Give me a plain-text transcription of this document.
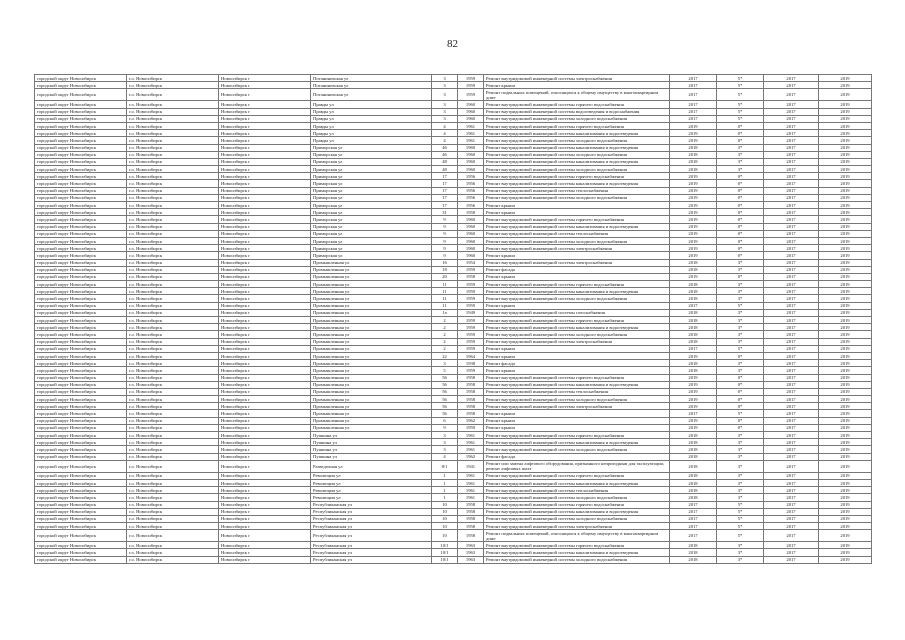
82
городской округ Новосибирск	г.о. Новосибирск	Новосибирск г	Потаниновская ул	3	1959	Ремонт внутридомовой инженерной системы электроснабжения	2017	5*	2017	2019
городской округ Новосибирск	г.о. Новосибирск	Новосибирск г	Потаниновская ул	3	1959	Ремонт крыши	2017	5*	2017	2019
городской округ Новосибирск	г.о. Новосибирск	Новосибирск г	Потаниновская ул	3	1959	Ремонт подвальных помещений, относящихся к общему имуществу в многоквартирном доме	2017	5*	2017	2019
городской округ Новосибирск	г.о. Новосибирск	Новосибирск г	Правды ул	3	1960	Ремонт внутридомовой инженерной системы горячего водоснабжения	2017	5*	2017	2019
городской округ Новосибирск	г.о. Новосибирск	Новосибирск г	Правды ул	3	1960	Ремонт внутридомовой инженерной системы водоотведения и водоснабжения	2017	5*	2017	2019
городской округ Новосибирск	г.о. Новосибирск	Новосибирск г	Правды ул	3	1960	Ремонт внутридомовой инженерной системы холодного водоснабжения	2017	5*	2017	2019
городской округ Новосибирск	г.о. Новосибирск	Новосибирск г	Правды ул	4	1961	Ремонт внутридомовой инженерной системы горячего водоснабжения	2019	0*	2017	2019
городской округ Новосибирск	г.о. Новосибирск	Новосибирск г	Правды ул	4	1961	Ремонт внутридомовой инженерной системы канализования и водоотведения	2019	0*	2017	2019
городской округ Новосибирск	г.о. Новосибирск	Новосибирск г	Правды ул	4	1961	Ремонт внутридомовой инженерной системы холодного водоснабжения	2019	0*	2017	2019
городской округ Новосибирск	г.о. Новосибирск	Новосибирск г	Приморская ул	46	1960	Ремонт внутридомовой инженерной системы канализования и водоотведения	2018	3*	2017	2019
городской округ Новосибирск	г.о. Новосибирск	Новосибирск г	Приморская ул	46	1960	Ремонт внутридомовой инженерной системы холодного водоснабжения	2018	3*	2017	2019
городской округ Новосибирск	г.о. Новосибирск	Новосибирск г	Приморская ул	48	1960	Ремонт внутридомовой инженерной системы канализования и водоотведения	2018	3*	2017	2019
городской округ Новосибирск	г.о. Новосибирск	Новосибирск г	Приморская ул	48	1960	Ремонт внутридомовой инженерной системы холодного водоснабжения	2018	3*	2017	2019
городской округ Новосибирск	г.о. Новосибирск	Новосибирск г	Приморская ул	17	1956	Ремонт внутридомовой инженерной системы горячего водоснабжения	2019	0*	2017	2019
городской округ Новосибирск	г.о. Новосибирск	Новосибирск г	Приморская ул	17	1956	Ремонт внутридомовой инженерной системы канализования и водоотведения	2019	0*	2017	2019
городской округ Новосибирск	г.о. Новосибирск	Новосибирск г	Приморская ул	17	1956	Ремонт внутридомовой инженерной системы теплоснабжения	2019	0*	2017	2019
городской округ Новосибирск	г.о. Новосибирск	Новосибирск г	Приморская ул	17	1956	Ремонт внутридомовой инженерной системы холодного водоснабжения	2019	0*	2017	2019
городской округ Новосибирск	г.о. Новосибирск	Новосибирск г	Приморская ул	17	1956	Ремонт крыши	2019	0*	2017	2019
городской округ Новосибирск	г.о. Новосибирск	Новосибирск г	Приморская ул	31	1958	Ремонт крыши	2019	0*	2017	2019
городской округ Новосибирск	г.о. Новосибирск	Новосибирск г	Приморская ул	9	1960	Ремонт внутридомовой инженерной системы горячего водоснабжения	2019	0*	2017	2019
городской округ Новосибирск	г.о. Новосибирск	Новосибирск г	Приморская ул	9	1960	Ремонт внутридомовой инженерной системы канализования и водоотведения	2019	0*	2017	2019
городской округ Новосибирск	г.о. Новосибирск	Новосибирск г	Приморская ул	9	1960	Ремонт внутридомовой инженерной системы теплоснабжения	2019	0*	2017	2019
городской округ Новосибирск	г.о. Новосибирск	Новосибирск г	Приморская ул	9	1960	Ремонт внутридомовой инженерной системы холодного водоснабжения	2019	0*	2017	2019
городской округ Новосибирск	г.о. Новосибирск	Новосибирск г	Приморская ул	9	1960	Ремонт внутридомовой инженерной системы электроснабжения	2019	0*	2017	2019
городской округ Новосибирск	г.о. Новосибирск	Новосибирск г	Приморская ул	9	1960	Ремонт крыши	2019	0*	2017	2019
городской округ Новосибирск	г.о. Новосибирск	Новосибирск г	Промышленная ул	16	1954	Ремонт внутридомовой инженерной системы электроснабжения	2018	3*	2017	2019
городской округ Новосибирск	г.о. Новосибирск	Новосибирск г	Промышленная ул	18	1959	Ремонт фасада	2018	3*	2017	2019
городской округ Новосибирск	г.о. Новосибирск	Новосибирск г	Промышленная ул	20	1958	Ремонт крыши	2019	0*	2017	2019
городской округ Новосибирск	г.о. Новосибирск	Новосибирск г	Промышленная ул	11	1959	Ремонт внутридомовой инженерной системы горячего водоснабжения	2018	3*	2017	2019
городской округ Новосибирск	г.о. Новосибирск	Новосибирск г	Промышленная ул	11	1959	Ремонт внутридомовой инженерной системы канализования и водоотведения	2018	3*	2017	2019
городской округ Новосибирск	г.о. Новосибирск	Новосибирск г	Промышленная ул	11	1959	Ремонт внутридомовой инженерной системы холодного водоснабжения	2018	3*	2017	2019
городской округ Новосибирск	г.о. Новосибирск	Новосибирск г	Промышленная ул	11	1959	Ремонт крыши	2017	5*	2017	2019
городской округ Новосибирск	г.о. Новосибирск	Новосибирск г	Промышленная ул	1a	1949	Ремонт внутридомовой инженерной системы газоснабжения	2018	3*	2017	2019
городской округ Новосибирск	г.о. Новосибирск	Новосибирск г	Промышленная ул	2	1959	Ремонт внутридомовой инженерной системы горячего водоснабжения	2018	3*	2017	2019
городской округ Новосибирск	г.о. Новосибирск	Новосибирск г	Промышленная ул	2	1959	Ремонт внутридомовой инженерной системы канализования и водоотведения	2018	3*	2017	2019
городской округ Новосибирск	г.о. Новосибирск	Новосибирск г	Промышленная ул	2	1959	Ремонт внутридомовой инженерной системы холодного водоснабжения	2018	3*	2017	2019
городской округ Новосибирск	г.о. Новосибирск	Новосибирск г	Промышленная ул	2	1959	Ремонт внутридомовой инженерной системы электроснабжения	2018	3*	2017	2019
городской округ Новосибирск	г.о. Новосибирск	Новосибирск г	Промышленная ул	2	1959	Ремонт крыши	2017	5*	2017	2019
городской округ Новосибирск	г.о. Новосибирск	Новосибирск г	Промышленная ул	22	1964	Ремонт крыши	2019	0*	2017	2019
городской округ Новосибирск	г.о. Новосибирск	Новосибирск г	Промышленная ул	3	1938	Ремонт фасада	2018	3*	2017	2019
городской округ Новосибирск	г.о. Новосибирск	Новосибирск г	Промышленная ул	5	1959	Ремонт крыши	2018	3*	2017	2019
городской округ Новосибирск	г.о. Новосибирск	Новосибирск г	Промышленная ул	56	1958	Ремонт внутридомовой инженерной системы горячего водоснабжения	2019	0*	2017	2019
городской округ Новосибирск	г.о. Новосибирск	Новосибирск г	Промышленная ул	56	1958	Ремонт внутридомовой инженерной системы канализования и водоотведения	2019	0*	2017	2019
городской округ Новосибирск	г.о. Новосибирск	Новосибирск г	Промышленная ул	56	1958	Ремонт внутридомовой инженерной системы теплоснабжения	2019	0*	2017	2019
городской округ Новосибирск	г.о. Новосибирск	Новосибирск г	Промышленная ул	56	1958	Ремонт внутридомовой инженерной системы холодного водоснабжения	2019	0*	2017	2019
городской округ Новосибирск	г.о. Новосибирск	Новосибирск г	Промышленная ул	56	1958	Ремонт внутридомовой инженерной системы электроснабжения	2019	0*	2017	2019
городской округ Новосибирск	г.о. Новосибирск	Новосибирск г	Промышленная ул	56	1958	Ремонт крыши	2017	5*	2017	2019
городской округ Новосибирск	г.о. Новосибирск	Новосибирск г	Промышленная ул	6	1962	Ремонт крыши	2019	0*	2017	2019
городской округ Новосибирск	г.о. Новосибирск	Новосибирск г	Промышленная ул	9	1959	Ремонт крыши	2019	0*	2017	2019
городской округ Новосибирск	г.о. Новосибирск	Новосибирск г	Пушкина ул	3	1961	Ремонт внутридомовой инженерной системы горячего водоснабжения	2018	3*	2017	2019
городской округ Новосибирск	г.о. Новосибирск	Новосибирск г	Пушкина ул	3	1961	Ремонт внутридомовой инженерной системы канализования и водоотведения	2018	3*	2017	2019
городской округ Новосибирск	г.о. Новосибирск	Новосибирск г	Пушкина ул	3	1961	Ремонт внутридомовой инженерной системы холодного водоснабжения	2018	3*	2017	2019
городской округ Новосибирск	г.о. Новосибирск	Новосибирск г	Пушкина ул	4	1962	Ремонт фасада	2018	3*	2017	2019
городской округ Новосибирск	г.о. Новосибирск	Новосибирск г	Разведочная ул	8/1	1941	Ремонт или замена лифтового оборудования, признанного непригодным для эксплуатации, ремонт лифтовых шахт	2018	3*	2017	2019
городской округ Новосибирск	г.о. Новосибирск	Новосибирск г	Революции ул	1	1961	Ремонт внутридомовой инженерной системы горячего водоснабжения	2018	3*	2017	2019
городской округ Новосибирск	г.о. Новосибирск	Новосибирск г	Революции ул	1	1961	Ремонт внутридомовой инженерной системы канализования и водоотведения	2018	3*	2017	2019
городской округ Новосибирск	г.о. Новосибирск	Новосибирск г	Революции ул	1	1961	Ремонт внутридомовой инженерной системы теплоснабжения	2018	3*	2017	2019
городской округ Новосибирск	г.о. Новосибирск	Новосибирск г	Революции ул	1	1961	Ремонт внутридомовой инженерной системы холодного водоснабжения	2018	3*	2017	2019
городской округ Новосибирск	г.о. Новосибирск	Новосибирск г	Республиканская ул	10	1958	Ремонт внутридомовой инженерной системы горячего водоснабжения	2017	5*	2017	2019
городской округ Новосибирск	г.о. Новосибирск	Новосибирск г	Республиканская ул	10	1958	Ремонт внутридомовой инженерной системы канализования и водоотведения	2017	5*	2017	2019
городской округ Новосибирск	г.о. Новосибирск	Новосибирск г	Республиканская ул	10	1958	Ремонт внутридомовой инженерной системы холодного водоснабжения	2017	5*	2017	2019
городской округ Новосибирск	г.о. Новосибирск	Новосибирск г	Республиканская ул	10	1958	Ремонт внутридомовой инженерной системы электроснабжения	2017	5*	2017	2019
городской округ Новосибирск	г.о. Новосибирск	Новосибирск г	Республиканская ул	10	1958	Ремонт подвальных помещений, относящихся к общему имуществу в многоквартирном доме	2017	5*	2017	2019
городской округ Новосибирск	г.о. Новосибирск	Новосибирск г	Республиканская ул	10/1	1963	Ремонт внутридомовой инженерной системы горячего водоснабжения	2018	3*	2017	2019
городской округ Новосибирск	г.о. Новосибирск	Новосибирск г	Республиканская ул	10/1	1963	Ремонт внутридомовой инженерной системы канализования и водоотведения	2018	3*	2017	2019
городской округ Новосибирск	г.о. Новосибирск	Новосибирск г	Республиканская ул	10/1	1963	Ремонт внутридомовой инженерной системы холодного водоснабжения	2018	3*	2017	2019
